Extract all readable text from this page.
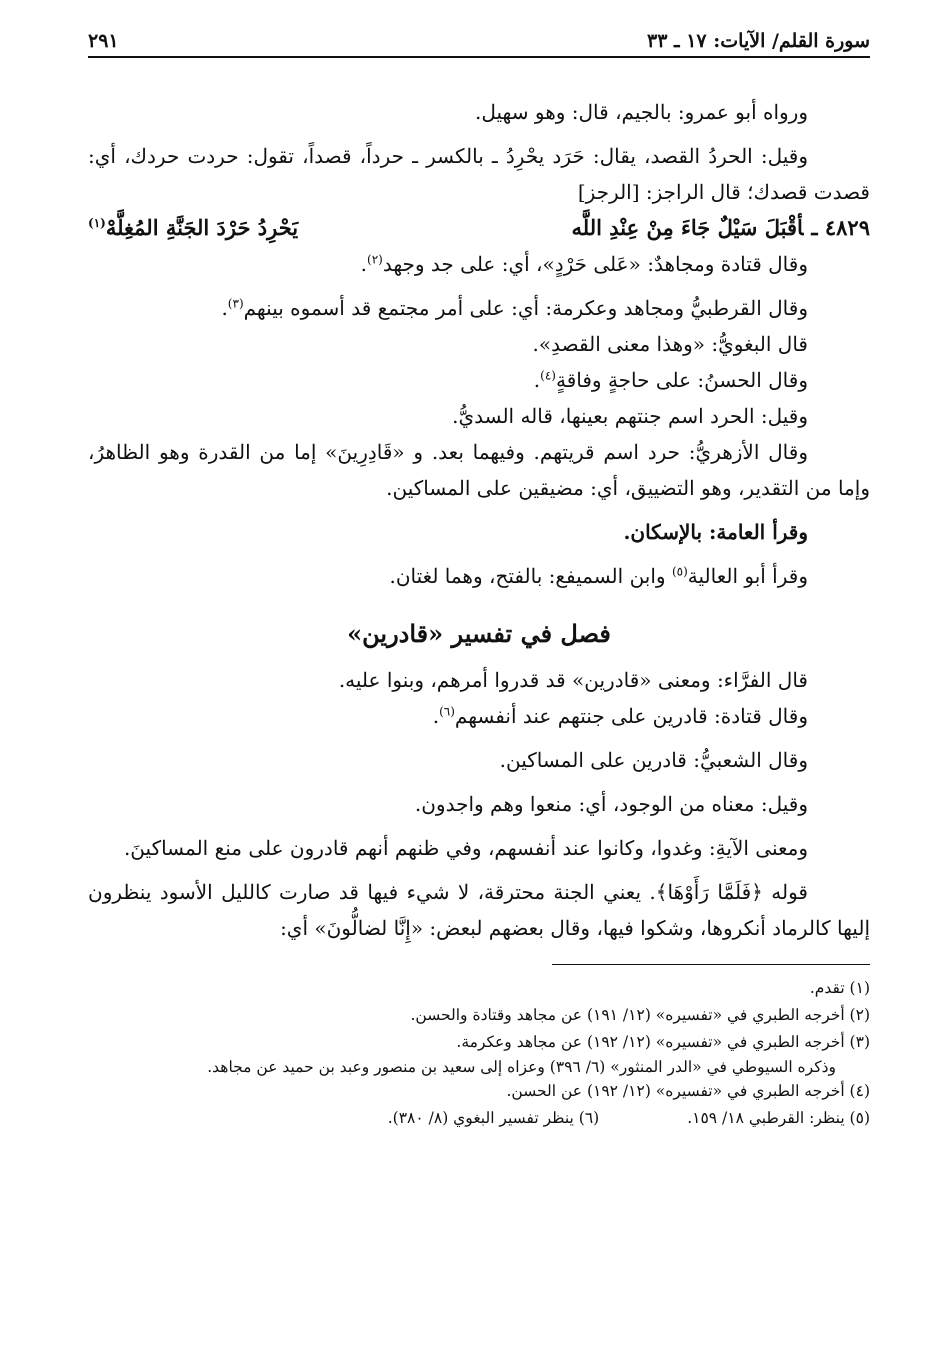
سورة القلم/ الآيات: ١٧ ـ ٣٣
٢٩١

ورواه أبو عمرو: بالجيم، قال: وهو سهيل.

وقيل: الحردُ القصد، يقال: حَرَد يحْرِدُ ـ بالكسر ـ حرداً، قصداً، تقول: حردت حردك، أي: قصدت قصدك؛ قال الراجز: [الرجز]

٤٨٢٩ ـأقْبَلَ سَيْلٌ جَاءَ مِنْ عِنْدِ اللَّه
يَحْرِدُ حَرْدَ الجَنَّةِ المُغِلَّهْ$^{(١)}$

وقال قتادة ومجاهدٌ: «عَلى حَرْدٍ»، أي: على جد وجهد$^{(٢)}$.

وقال القرطبيُّ ومجاهد وعكرمة: أي: على أمر مجتمع قد أسموه بينهم$^{(٣)}$.

قال البغويُّ: «وهذا معنى القصدِ».

وقال الحسنُ: على حاجةٍ وفاقةٍ$^{(٤)}$.

وقيل: الحرد اسم جنتهم بعينها، قاله السديُّ.

وقال الأزهريُّ: حرد اسم قريتهم. وفيهما بعد. و «قَادِرِينَ» إما من القدرة وهو الظاهرُ، وإما من التقدير، وهو التضييق، أي: مضيقين على المساكين.

وقرأ العامة: بالإسكان.

وقرأ أبو العالية$^{(٥)}$ وابن السميفع: بالفتح، وهما لغتان.

فصل في تفسير «قادرين»

قال الفرَّاء: ومعنى «قادرين» قد قدروا أمرهم، وبنوا عليه.

وقال قتادة: قادرين على جنتهم عند أنفسهم$^{(٦)}$.

وقال الشعبيُّ: قادرين على المساكين.

وقيل: معناه من الوجود، أي: منعوا وهم واجدون.

ومعنى الآيةِ: وغدوا، وكانوا عند أنفسهم، وفي ظنهم أنهم قادرون على منع المساكينَ.

قوله ﴿فَلَمَّا رَأَوْهَا﴾. يعني الجنة محترقة، لا شيء فيها قد صارت كالليل الأسود ينظرون إليها كالرماد أنكروها، وشكوا فيها، وقال بعضهم لبعض: «إِنَّا لضالُّونَ» أي:

(١) تقدم.

(٢) أخرجه الطبري في «تفسيره» (١٢/ ١٩١) عن مجاهد وقتادة والحسن.

(٣) أخرجه الطبري في «تفسيره» (١٢/ ١٩٢) عن مجاهد وعكرمة.

وذكره السيوطي في «الدر المنثور» (٦/ ٣٩٦) وعزاه إلى سعيد بن منصور وعبد بن حميد عن مجاهد.

(٤) أخرجه الطبري في «تفسيره» (١٢/ ١٩٢) عن الحسن.

(٥) ينظر: القرطبي ١٨/ ١٥٩.
(٦) ينظر تفسير البغوي (٨/ ٣٨٠).
